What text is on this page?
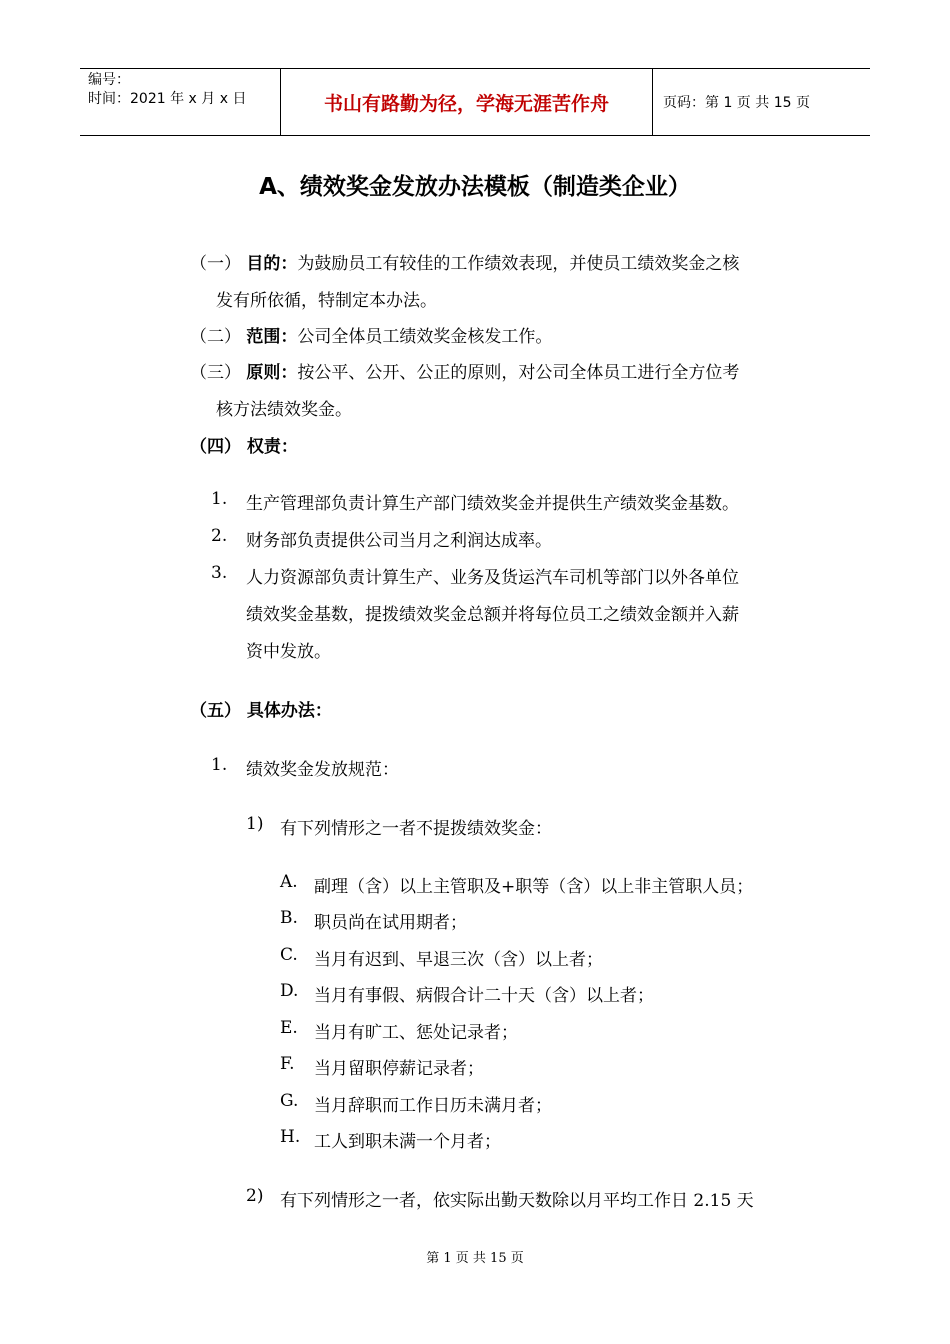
编号：
时间：2021 年 x 月 x 日	书山有路勤为径，学海无涯苦作舟	页码：第 1 页 共 15 页
A、绩效奖金发放办法模板（制造类企业）
（一） 目的：为鼓励员工有较佳的工作绩效表现，并使员工绩效奖金之核
发有所依循，特制定本办法。
（二） 范围：公司全体员工绩效奖金核发工作。
（三） 原则：按公平、公开、公正的原则，对公司全体员工进行全方位考
核方法绩效奖金。
（四） 权责：
1. 生产管理部负责计算生产部门绩效奖金并提供生产绩效奖金基数。
2. 财务部负责提供公司当月之利润达成率。
3. 人力资源部负责计算生产、业务及货运汽车司机等部门以外各单位
绩效奖金基数，提拨绩效奖金总额并将每位员工之绩效金额并入薪
资中发放。
（五） 具体办法：
1. 绩效奖金发放规范：
1) 有下列情形之一者不提拨绩效奖金：
A. 副理（含）以上主管职及+职等（含）以上非主管职人员；
B. 职员尚在试用期者；
C. 当月有迟到、早退三次（含）以上者；
D. 当月有事假、病假合计二十天（含）以上者；
E. 当月有旷工、惩处记录者；
F. 当月留职停薪记录者；
G. 当月辞职而工作日历未满月者；
H. 工人到职未满一个月者；
2) 有下列情形之一者，依实际出勤天数除以月平均工作日 2.15 天
第 1 页 共 15 页
